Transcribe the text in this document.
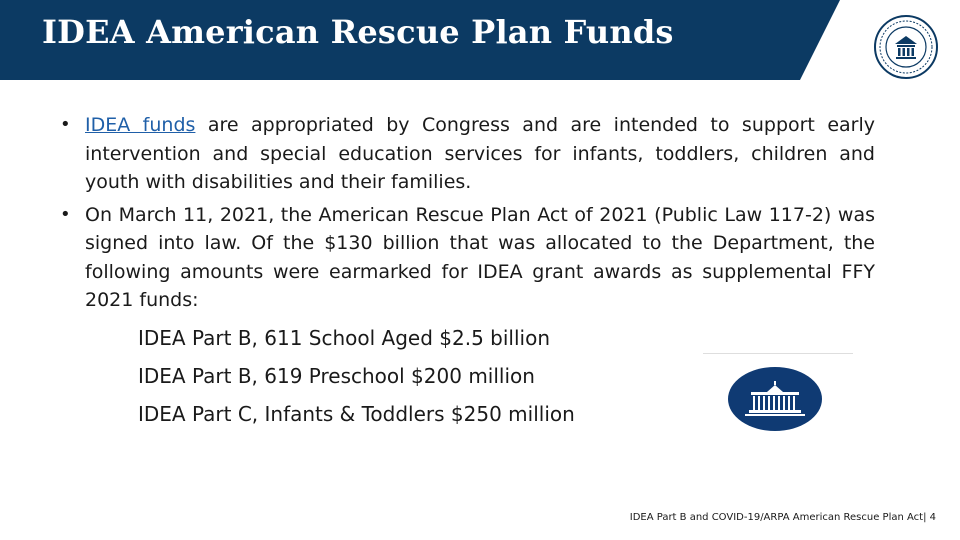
IDEA American Rescue Plan Funds
• IDEA funds are appropriated by Congress and are intended to support early intervention and special education services for infants, toddlers, children and youth with disabilities and their families.
• On March 11, 2021, the American Rescue Plan Act of 2021 (Public Law 117-2) was signed into law. Of the $130 billion that was allocated to the Department, the following amounts were earmarked for IDEA grant awards as supplemental FFY 2021 funds:
IDEA Part B, 611 School Aged $2.5 billion
IDEA Part B, 619 Preschool $200 million
IDEA Part C, Infants & Toddlers $250 million
IDEA Part B and COVID-19/ARPA American Rescue Plan Act| 4
